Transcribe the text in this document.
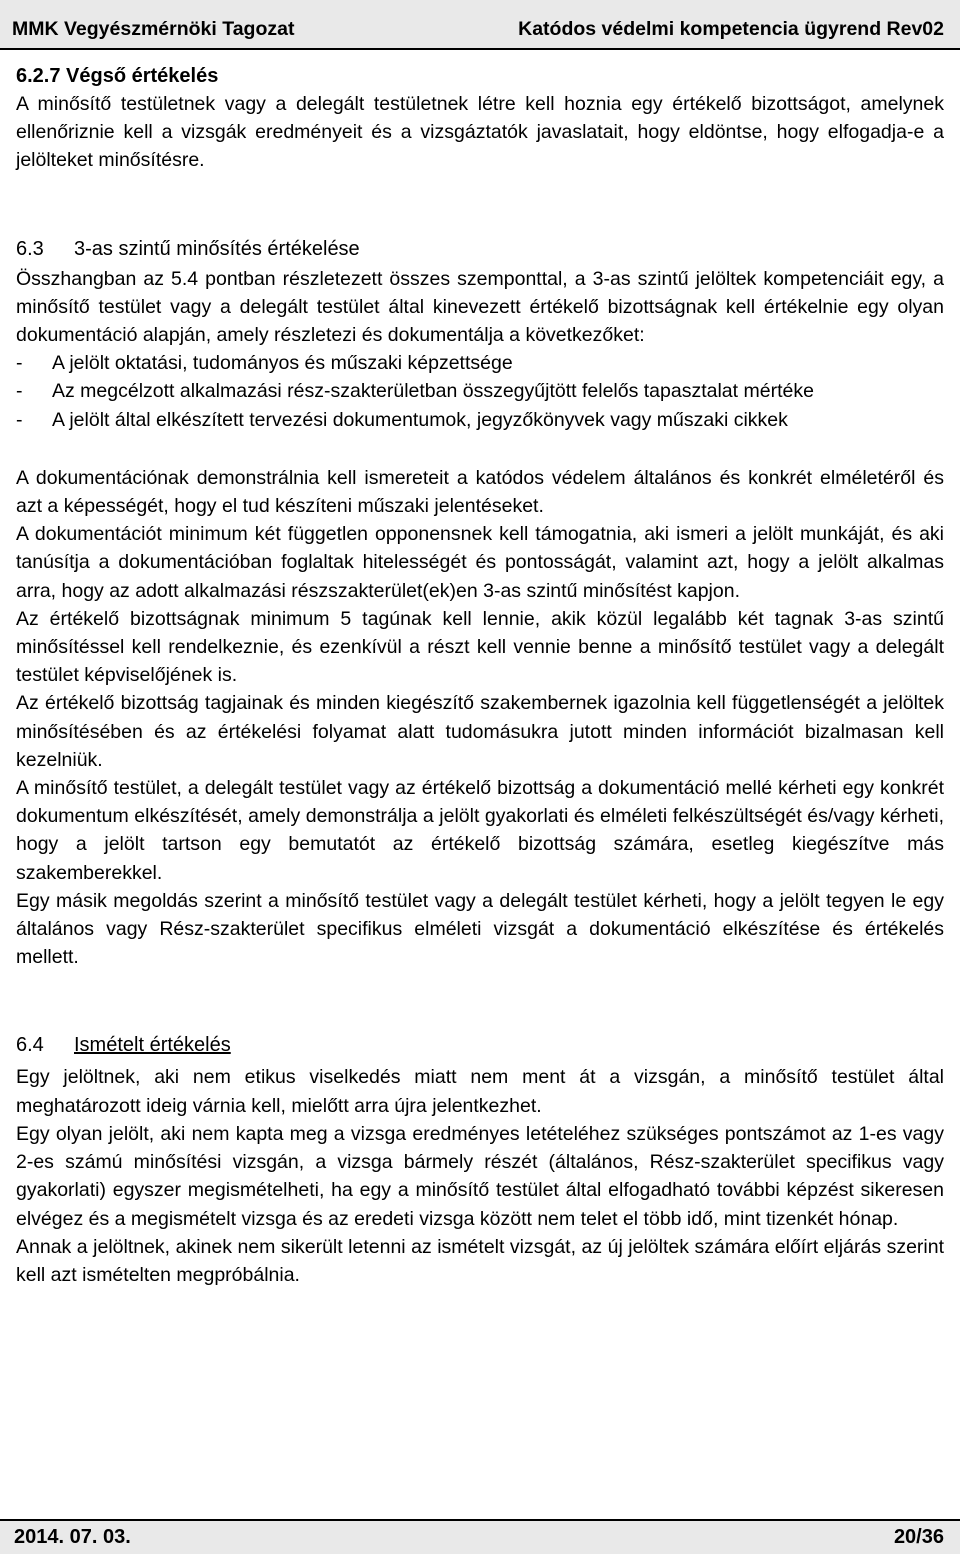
MMK Vegyészmérnöki Tagozat	Katódos védelmi kompetencia ügyrend Rev02
6.2.7 Végső értékelés

A minősítő testületnek vagy a delegált testületnek létre kell hoznia egy értékelő bizottságot, amelynek ellenőriznie kell a vizsgák eredményeit és a vizsgáztatók javaslatait, hogy eldöntse, hogy elfogadja-e a jelölteket minősítésre.

6.3 3-as szintű minősítés értékelése

Összhangban az 5.4 pontban részletezett összes szemponttal, a 3-as szintű jelöltek kompetenciáit egy, a minősítő testület vagy a delegált testület által kinevezett értékelő bizottságnak kell értékelnie egy olyan dokumentáció alapján, amely részletezi és dokumentálja a következőket:

- A jelölt oktatási, tudományos és műszaki képzettsége
- Az megcélzott alkalmazási rész-szakterületban összegyűjtött felelős tapasztalat mértéke
- A jelölt által elkészített tervezési dokumentumok, jegyzőkönyvek vagy műszaki cikkek

A dokumentációnak demonstrálnia kell ismereteit a katódos védelem általános és konkrét elméletéről és azt a képességét, hogy el tud készíteni műszaki jelentéseket.

A dokumentációt minimum két független opponensnek kell támogatnia, aki ismeri a jelölt munkáját, és aki tanúsítja a dokumentációban foglaltak hitelességét és pontosságát, valamint azt, hogy a jelölt alkalmas arra, hogy az adott alkalmazási részszakterület(ek)en 3-as szintű minősítést kapjon.

Az értékelő bizottságnak minimum 5 tagúnak kell lennie, akik közül legalább két tagnak 3-as szintű minősítéssel kell rendelkeznie, és ezenkívül a részt kell vennie benne a minősítő testület vagy a delegált testület képviselőjének is.

Az értékelő bizottság tagjainak és minden kiegészítő szakembernek igazolnia kell függetlenségét a jelöltek minősítésében és az értékelési folyamat alatt tudomásukra jutott minden információt bizalmasan kell kezelniük.

A minősítő testület, a delegált testület vagy az értékelő bizottság a dokumentáció mellé kérheti egy konkrét dokumentum elkészítését, amely demonstrálja a jelölt gyakorlati és elméleti felkészültségét és/vagy kérheti, hogy a jelölt tartson egy bemutatót az értékelő bizottság számára, esetleg kiegészítve más szakemberekkel.

Egy másik megoldás szerint a minősítő testület vagy a delegált testület kérheti, hogy a jelölt tegyen le egy általános vagy Rész-szakterület specifikus elméleti vizsgát a dokumentáció elkészítése és értékelés mellett.

6.4 Ismételt értékelés

Egy jelöltnek, aki nem etikus viselkedés miatt nem ment át a vizsgán, a minősítő testület által meghatározott ideig várnia kell, mielőtt arra újra jelentkezhet.

Egy olyan jelölt, aki nem kapta meg a vizsga eredményes letételéhez szükséges pontszámot az 1-es vagy 2-es számú minősítési vizsgán, a vizsga bármely részét (általános, Rész-szakterület specifikus vagy gyakorlati) egyszer megismételheti, ha egy a minősítő testület által elfogadható további képzést sikeresen elvégez és a megismételt vizsga és az eredeti vizsga között nem telet el több idő, mint tizenkét hónap.

Annak a jelöltnek, akinek nem sikerült letenni az ismételt vizsgát, az új jelöltek számára előírt eljárás szerint kell azt ismételten megpróbálnia.

2014. 07. 03.	20/36
